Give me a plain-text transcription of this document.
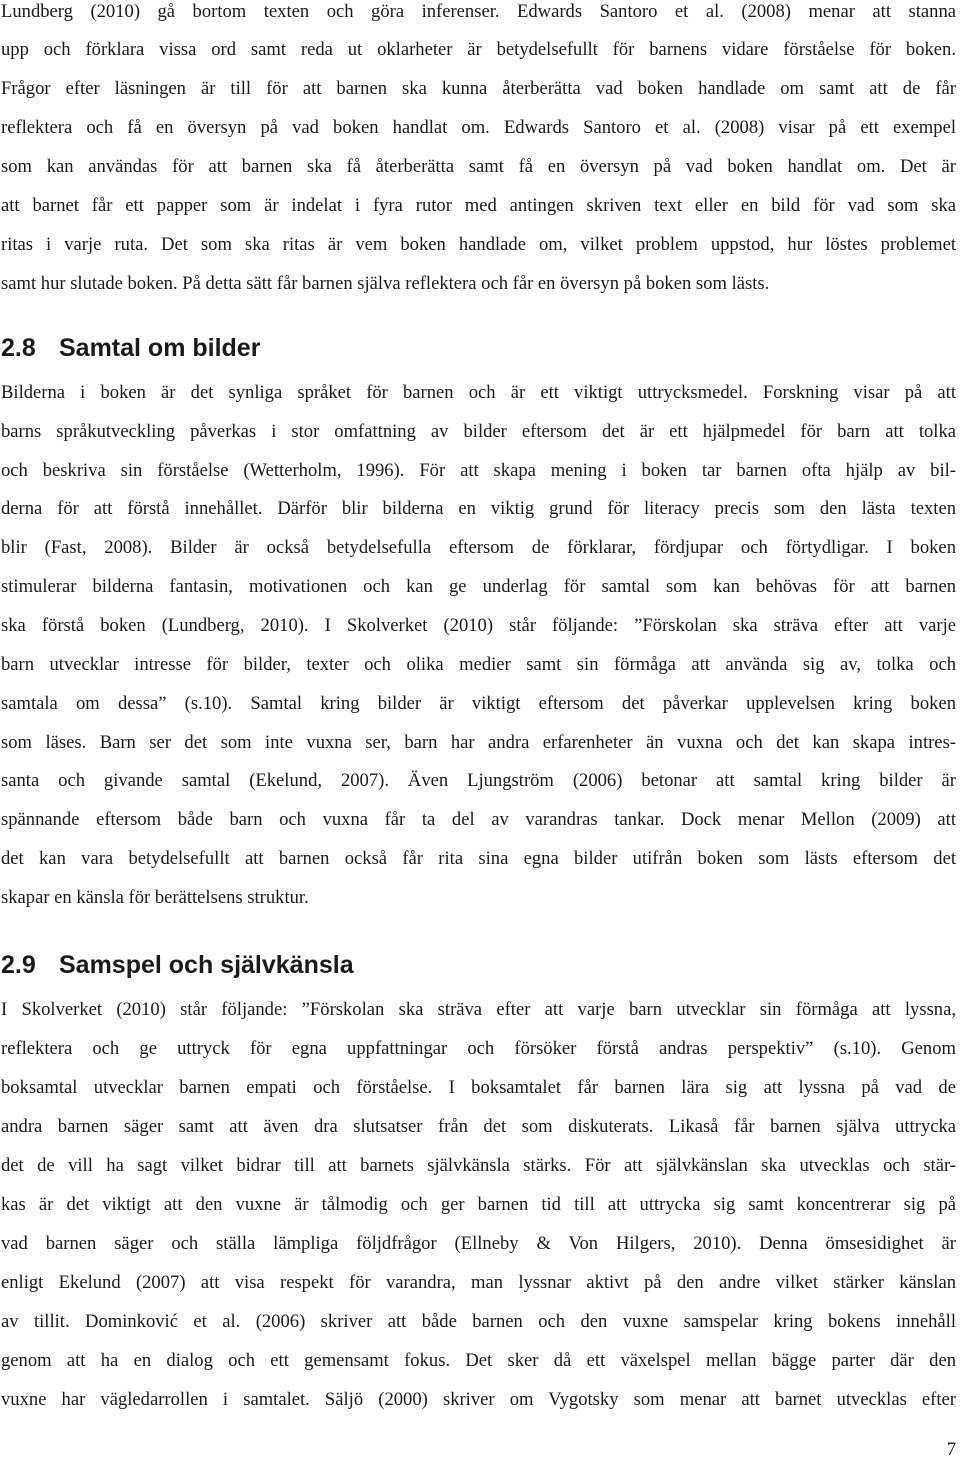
Lundberg (2010) gå bortom texten och göra inferenser. Edwards Santoro et al. (2008) menar att stanna
upp och förklara vissa ord samt reda ut oklarheter är betydelsefullt för barnens vidare förståelse för boken.
Frågor efter läsningen är till för att barnen ska kunna återberätta vad boken handlade om samt att de får
reflektera och få en översyn på vad boken handlat om. Edwards Santoro et al. (2008) visar på ett exempel
som kan användas för att barnen ska få återberätta samt få en översyn på vad boken handlat om. Det är
att barnet får ett papper som är indelat i fyra rutor med antingen skriven text eller en bild för vad som ska
ritas i varje ruta. Det som ska ritas är vem boken handlade om, vilket problem uppstod, hur löstes problemet
samt hur slutade boken. På detta sätt får barnen själva reflektera och får en översyn på boken som lästs.
2.8 Samtal om bilder
Bilderna i boken är det synliga språket för barnen och är ett viktigt uttrycksmedel. Forskning visar på att
barns språkutveckling påverkas i stor omfattning av bilder eftersom det är ett hjälpmedel för barn att tolka
och beskriva sin förståelse (Wetterholm, 1996). För att skapa mening i boken tar barnen ofta hjälp av bil-
derna för att förstå innehållet. Därför blir bilderna en viktig grund för literacy precis som den lästa texten
blir (Fast, 2008). Bilder är också betydelsefulla eftersom de förklarar, fördjupar och förtydligar. I boken
stimulerar bilderna fantasin, motivationen och kan ge underlag för samtal som kan behövas för att barnen
ska förstå boken (Lundberg, 2010). I Skolverket (2010) står följande: ”Förskolan ska sträva efter att varje
barn utvecklar intresse för bilder, texter och olika medier samt sin förmåga att använda sig av, tolka och
samtala om dessa” (s.10). Samtal kring bilder är viktigt eftersom det påverkar upplevelsen kring boken
som läses. Barn ser det som inte vuxna ser, barn har andra erfarenheter än vuxna och det kan skapa intres-
santa och givande samtal (Ekelund, 2007). Även Ljungström (2006) betonar att samtal kring bilder är
spännande eftersom både barn och vuxna får ta del av varandras tankar. Dock menar Mellon (2009) att
det kan vara betydelsefullt att barnen också får rita sina egna bilder utifrån boken som lästs eftersom det
skapar en känsla för berättelsens struktur.
2.9 Samspel och självkänsla
I Skolverket (2010) står följande: ”Förskolan ska sträva efter att varje barn utvecklar sin förmåga att lyssna,
reflektera och ge uttryck för egna uppfattningar och försöker förstå andras perspektiv” (s.10). Genom
boksamtal utvecklar barnen empati och förståelse. I boksamtalet får barnen lära sig att lyssna på vad de
andra barnen säger samt att även dra slutsatser från det som diskuterats. Likaså får barnen själva uttrycka
det de vill ha sagt vilket bidrar till att barnets självkänsla stärks. För att självkänslan ska utvecklas och stär-
kas är det viktigt att den vuxne är tålmodig och ger barnen tid till att uttrycka sig samt koncentrerar sig på
vad barnen säger och ställa lämpliga följdfrågor (Ellneby & Von Hilgers, 2010). Denna ömsesidighet är
enligt Ekelund (2007) att visa respekt för varandra, man lyssnar aktivt på den andre vilket stärker känslan
av tillit. Dominković et al. (2006) skriver att både barnen och den vuxne samspelar kring bokens innehåll
genom att ha en dialog och ett gemensamt fokus. Det sker då ett växelspel mellan bägge parter där den
vuxne har vägledarrollen i samtalet. Säljö (2000) skriver om Vygotsky som menar att barnet utvecklas efter
7
